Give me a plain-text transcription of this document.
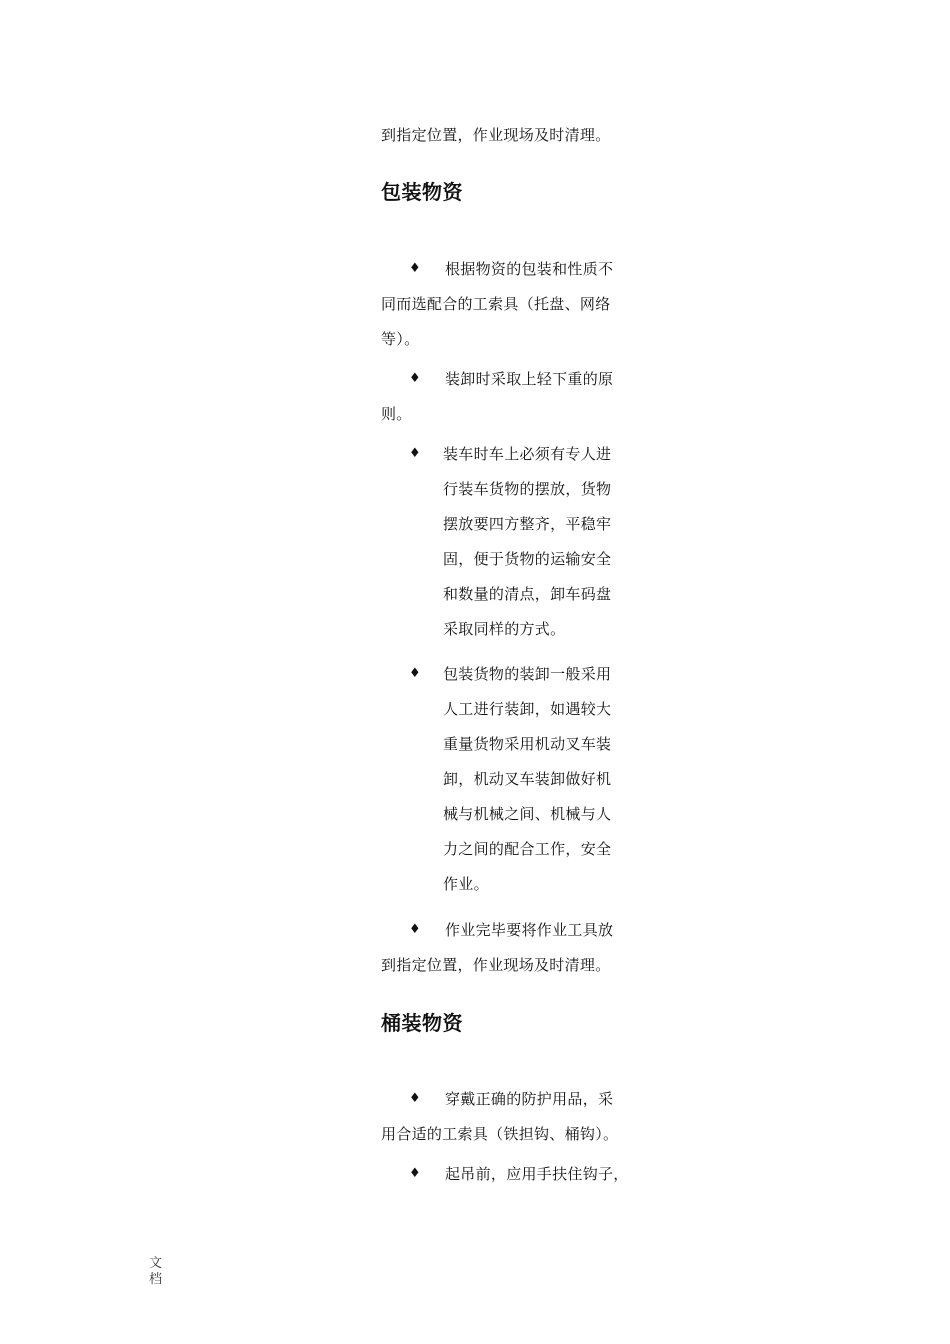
到指定位置，作业现场及时清理。
包装物资
♦ 根据物资的包装和性质不
同而选配合的工索具（托盘、网络
等）。
♦ 装卸时采取上轻下重的原
则。
♦ 装车时车上必须有专人进
行装车货物的摆放，货物
摆放要四方整齐，平稳牢
固，便于货物的运输安全
和数量的清点，卸车码盘
采取同样的方式。
♦ 包装货物的装卸一般采用
人工进行装卸，如遇较大
重量货物采用机动叉车装
卸，机动叉车装卸做好机
械与机械之间、机械与人
力之间的配合工作，安全
作业。
♦ 作业完毕要将作业工具放
到指定位置，作业现场及时清理。
桶装物资
♦ 穿戴正确的防护用品，采
用合适的工索具（铁担钩、桶钩）。
♦ 起吊前，应用手扶住钩子，
文档
